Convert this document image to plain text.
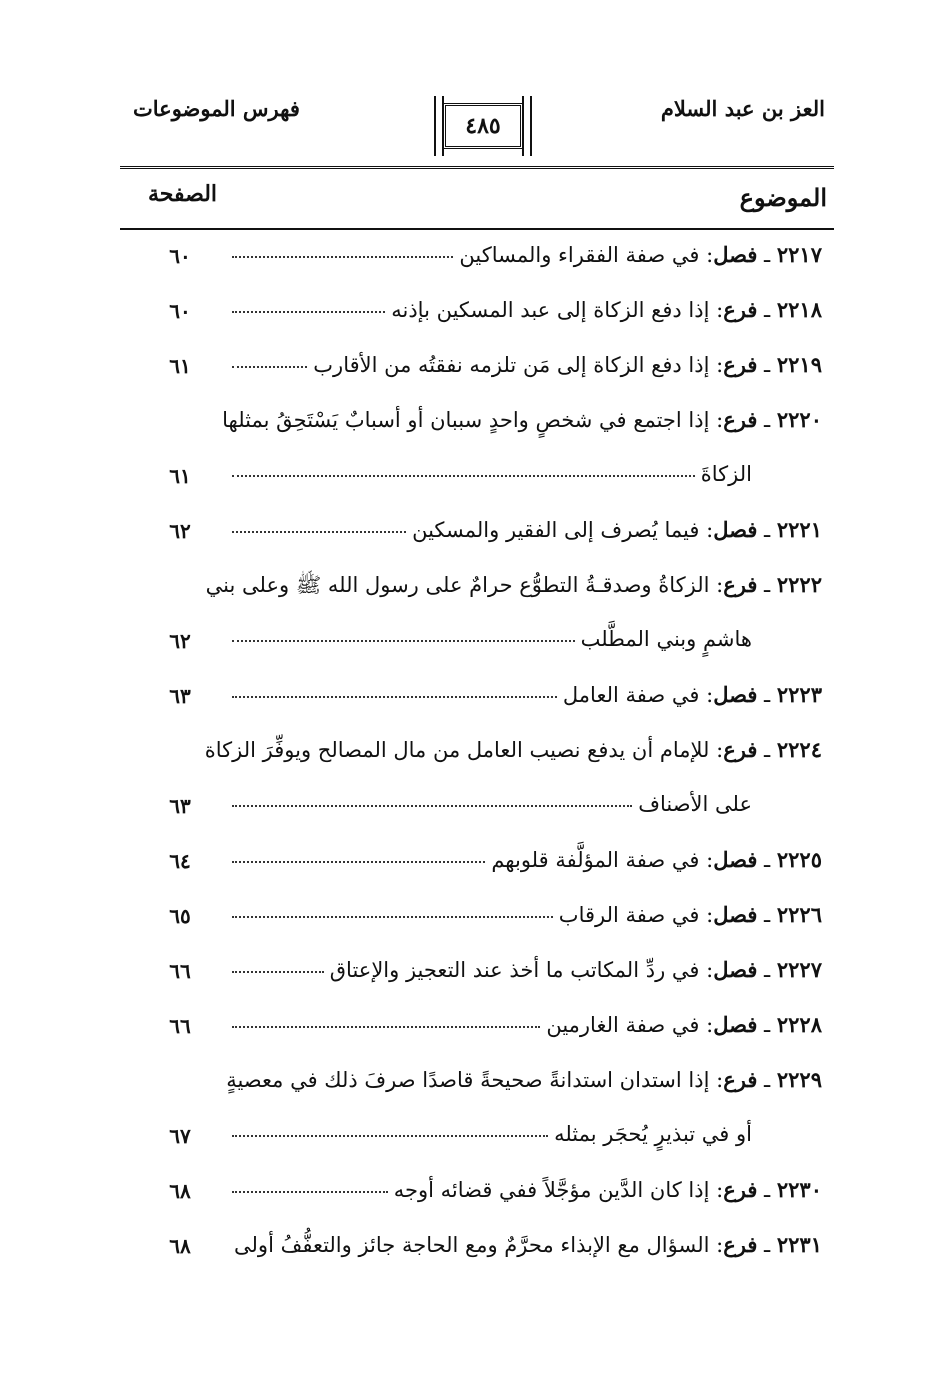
العز بن عبد السلام
٤٨٥
فهرس الموضوعات
الموضوع
الصفحة
٢٢١٧ ـ فصل: في صفة الفقراء والمساكين
٦٠
٢٢١٨ ـ فرع: إذا دفع الزكاة إلى عبد المسكين بإذنه
٦٠
٢٢١٩ ـ فرع: إذا دفع الزكاة إلى مَن تلزمه نفقتُه من الأقارب
٦١
٢٢٢٠ ـ فرع: إذا اجتمع في شخصٍ واحدٍ سببان أو أسبابٌ يَسْتَحِقُ بمثلها
الزكاةَ
٦١
٢٢٢١ ـ فصل: فيما يُصرف إلى الفقير والمسكين
٦٢
٢٢٢٢ ـ فرع: الزكاةُ وصدقـةُ التطوُّع حرامٌ على رسول الله ﷺ وعلى بني
هاشمٍ وبني المطَّلب
٦٢
٢٢٢٣ ـ فصل: في صفة العامل
٦٣
٢٢٢٤ ـ فرع: للإمام أن يدفع نصيب العامل من مال المصالح ويوفِّرَ الزكاة
على الأصناف
٦٣
٢٢٢٥ ـ فصل: في صفة المؤلَّفة قلوبهم
٦٤
٢٢٢٦ ـ فصل: في صفة الرقاب
٦٥
٢٢٢٧ ـ فصل: في ردِّ المكاتب ما أخذ عند التعجيز والإعتاق
٦٦
٢٢٢٨ ـ فصل: في صفة الغارمين
٦٦
٢٢٢٩ ـ فرع: إذا استدان استدانةً صحيحةً قاصدًا صرفَ ذلك في معصيةٍ
أو في تبذيرٍ يُحجَر بمثله
٦٧
٢٢٣٠ ـ فرع: إذا كان الدَّين مؤجَّلاً ففي قضائه أوجه
٦٨
٢٢٣١ ـ فرع: السؤال مع الإبذاء محرَّمٌ ومع الحاجة جائز والتعفُّفُ أولى
٦٨
